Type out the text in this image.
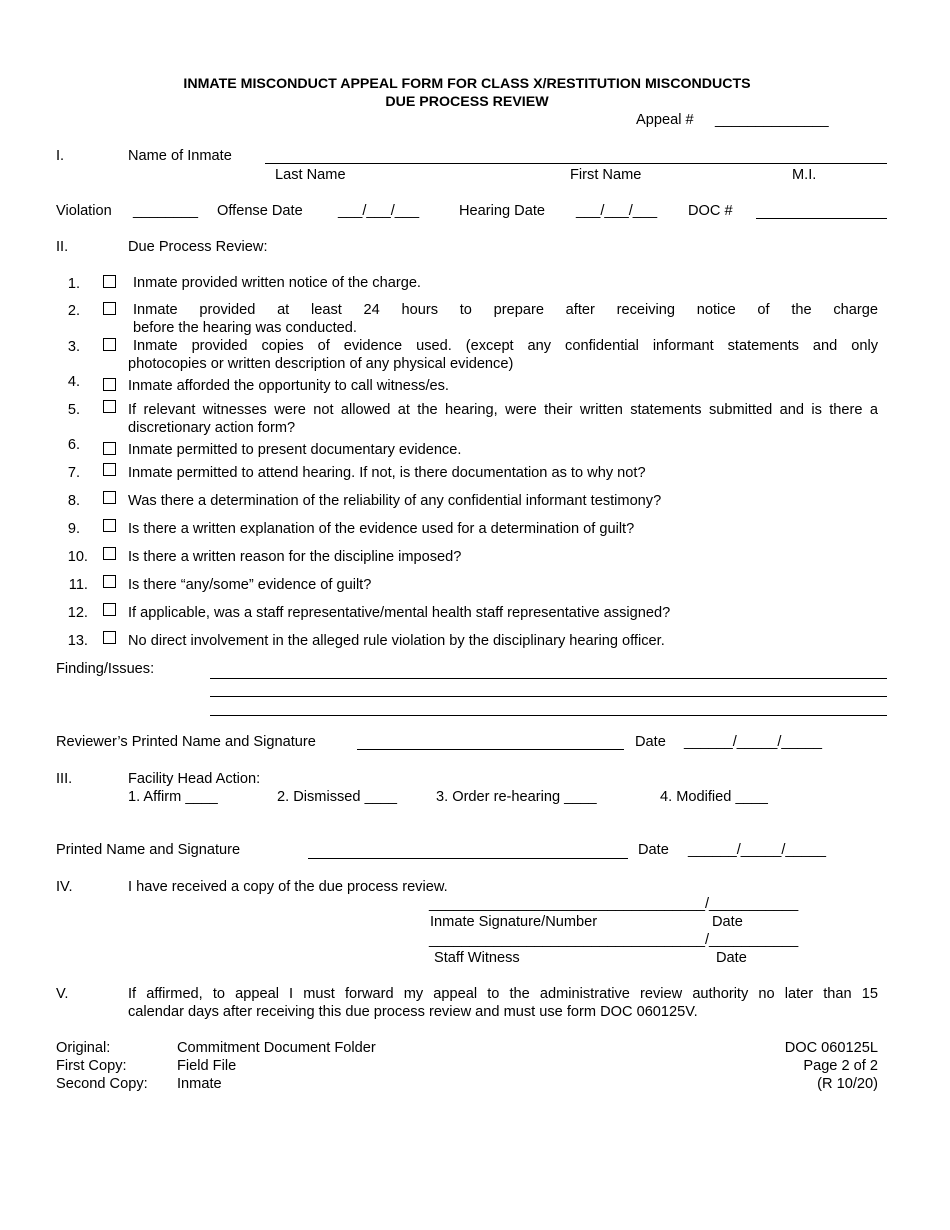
INMATE MISCONDUCT APPEAL FORM FOR CLASS X/RESTITUTION MISCONDUCTS
DUE PROCESS REVIEW
Appeal # ______________
I.	Name of Inmate
Last Name	First Name	M.I.
Violation ________ Offense Date ___/___/___	Hearing Date ___/___/___ DOC #
II.	Due Process Review:
1.	Inmate provided written notice of the charge.
2.	Inmate provided at least 24 hours to prepare after receiving notice of the charge
before the hearing was conducted.
3.	Inmate provided copies of evidence used. (except any confidential informant statements and only
photocopies or written description of any physical evidence)
4.	Inmate afforded the opportunity to call witness/es.
5.	If relevant witnesses were not allowed at the hearing, were their written statements submitted and is there a
discretionary action form?
6.	Inmate permitted to present documentary evidence.
7.	Inmate permitted to attend hearing. If not, is there documentation as to why not?
8.	Was there a determination of the reliability of any confidential informant testimony?
9.	Is there a written explanation of the evidence used for a determination of guilt?
10.	Is there a written reason for the discipline imposed?
11.	Is there “any/some” evidence of guilt?
12.	If applicable, was a staff representative/mental health staff representative assigned?
13.	No direct involvement in the alleged rule violation by the disciplinary hearing officer.
Finding/Issues:
Reviewer’s Printed Name and Signature	Date ______/_____/_____
III.	Facility Head Action:
1. Affirm ____	2. Dismissed ____	3. Order re-hearing ____	4. Modified ____
Printed Name and Signature	Date ______/_____/_____
IV.	I have received a copy of the due process review.
__________________________________/___________
Inmate Signature/Number	Date
__________________________________/___________
Staff Witness	Date
V.	If affirmed, to appeal I must forward my appeal to the administrative review authority no later than 15
calendar days after receiving this due process review and must use form DOC 060125V.
Original:	Commitment Document Folder	DOC 060125L
First Copy:	Field File	Page 2 of 2
Second Copy: Inmate	(R 10/20)
